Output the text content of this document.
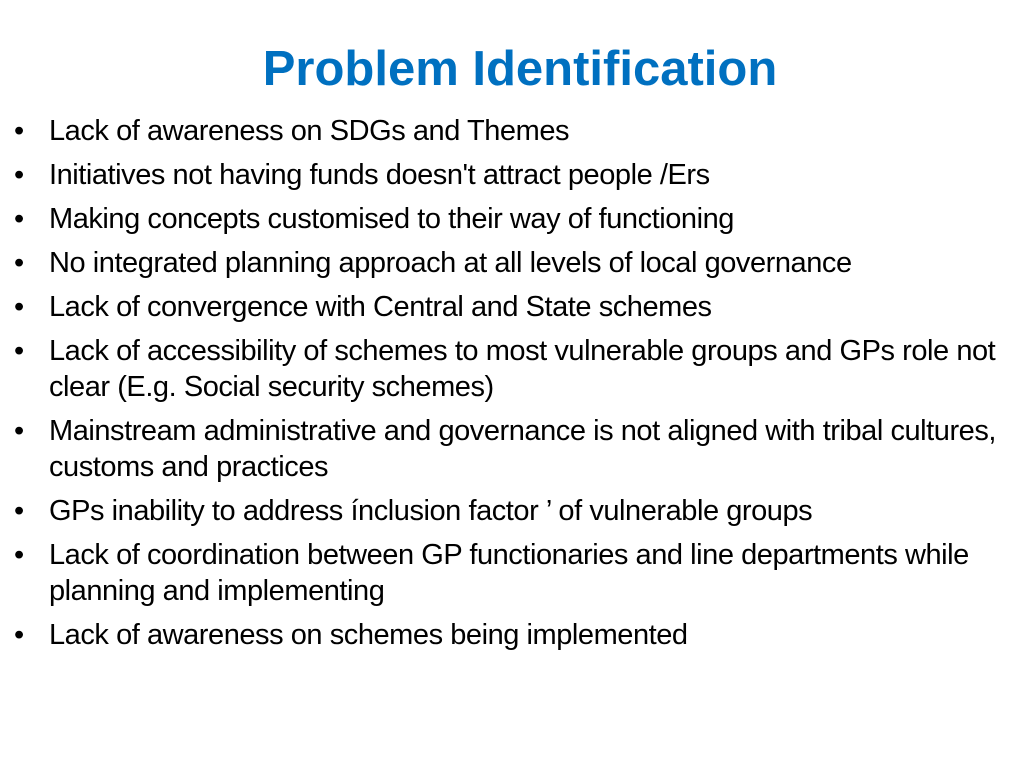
Problem Identification
• Lack of awareness on SDGs and Themes
• Initiatives not having funds doesn't attract people /Ers
• Making concepts customised to their way of functioning
• No integrated planning approach at all levels of local governance
• Lack of convergence with Central and State schemes
• Lack of accessibility of schemes to most vulnerable groups and GPs role not clear (E.g. Social security schemes)
• Mainstream administrative and governance is not aligned with tribal cultures, customs and practices
• GPs inability to address íncl​usion factor ’ of vulnerable groups
• Lack of coordination between GP functionaries and line departments while planning and implementing
• Lack of awareness on schemes being implemented
